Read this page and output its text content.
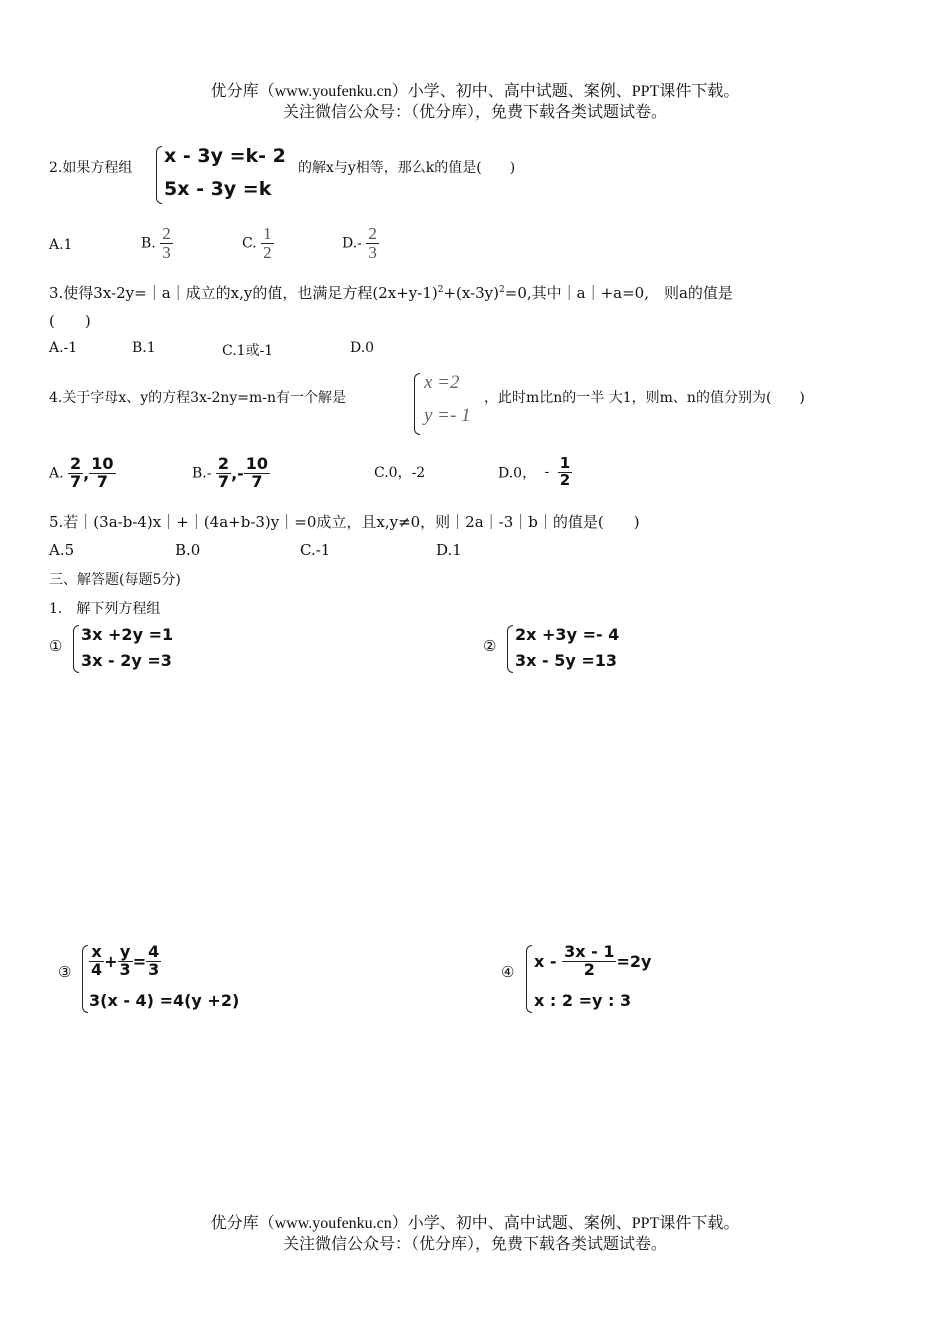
优分库（www.youfenku.cn）小学、初中、高中试题、案例、PPT课件下载。
关注微信公众号：（优分库），免费下载各类试题试卷。
2.如果方程组
x - 3y =k- 2
5x - 3y =k
的解x与y相等，那么k的值是(　　)
A.1	B. $\frac{2}{3}$	C. $\frac{1}{2}$	$D.- \frac{2}{3}$
3.使得3x-2y=｜a｜成立的x,y的值，也满足方程$(2x+y-1)^2+(x-3y)^2=0$,其中｜a｜+a=0,　则a的值是
(　　)
A.-1	B.1	C.1或-1	D.0
4.关于字母x、y的方程3x-2ny=m-n有一个解是
x =2
y =- 1
，此时m比n的一半 大1，则m、n的值分别为(　　)
A. $\frac{2}{7}$ , $\frac{10}{7}$	$B.- \frac{2}{7}$ ,- $\frac{10}{7}$	C.0，-2	D.0， - $\frac{1}{2}$
5.若｜(3a-b-4)x｜+｜(4a+b-3)y｜=0成立，且x,y≠0，则｜2a｜-3｜b｜的值是(　　)
A.5	B.0	C.-1	D.1
三、解答题(每题5分)
1.　解下列方程组
①
3x +2y =1
3x - 2y =3
②
2x +3y =- 4
3x - 5y =13
③ $\frac{x}{4} + \frac{y}{3} = \frac{4}{3}$
3(x - 4) =4(y +2)
④
$x - \frac{3x - 1}{2} =2y$
x : 2 =y : 3
优分库（www.youfenku.cn）小学、初中、高中试题、案例、PPT课件下载。
关注微信公众号：（优分库），免费下载各类试题试卷。
